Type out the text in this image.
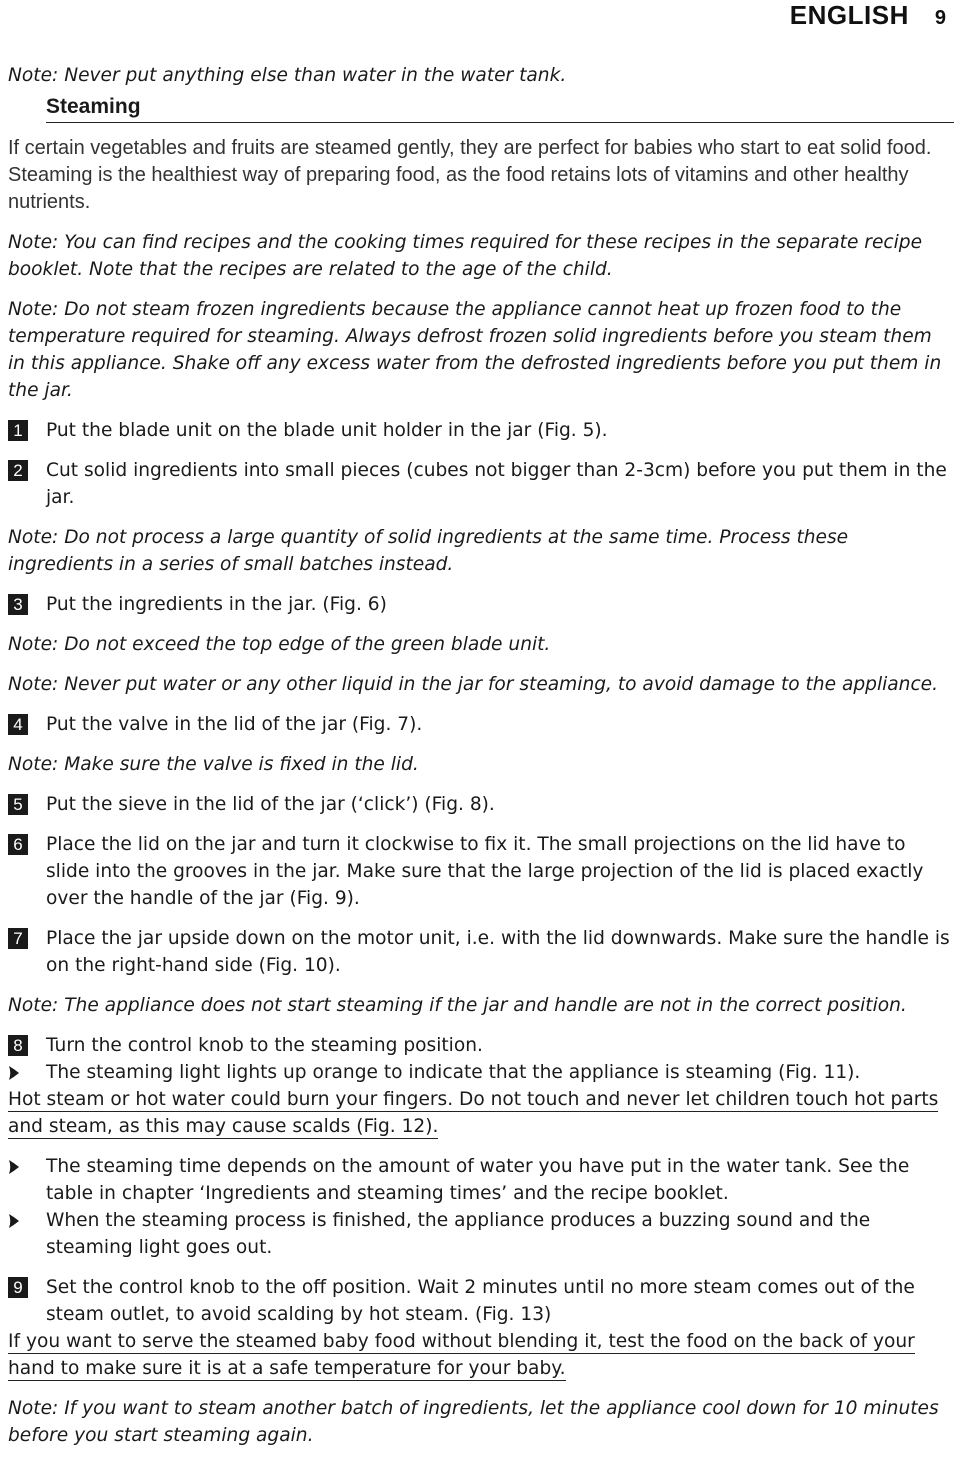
ENGLISH 9

Note: Never put anything else than water in the water tank.

Steaming

If certain vegetables and fruits are steamed gently, they are perfect for babies who start to eat solid food. Steaming is the healthiest way of preparing food, as the food retains lots of vitamins and other healthy nutrients.

Note: You can find recipes and the cooking times required for these recipes in the separate recipe booklet. Note that the recipes are related to the age of the child.

Note: Do not steam frozen ingredients because the appliance cannot heat up frozen food to the temperature required for steaming. Always defrost frozen solid ingredients before you steam them in this appliance. Shake off any excess water from the defrosted ingredients before you put them in the jar.

1 Put the blade unit on the blade unit holder in the jar (Fig. 5).
2 Cut solid ingredients into small pieces (cubes not bigger than 2-3cm) before you put them in the jar.

Note: Do not process a large quantity of solid ingredients at the same time. Process these ingredients in a series of small batches instead.

3 Put the ingredients in the jar. (Fig. 6)

Note: Do not exceed the top edge of the green blade unit.

Note: Never put water or any other liquid in the jar for steaming, to avoid damage to the appliance.

4 Put the valve in the lid of the jar (Fig. 7).

Note: Make sure the valve is fixed in the lid.

5 Put the sieve in the lid of the jar (‘click’) (Fig. 8).
6 Place the lid on the jar and turn it clockwise to fix it. The small projections on the lid have to slide into the grooves in the jar. Make sure that the large projection of the lid is placed exactly over the handle of the jar (Fig. 9).
7 Place the jar upside down on the motor unit, i.e. with the lid downwards. Make sure the handle is on the right-hand side (Fig. 10).

Note: The appliance does not start steaming if the jar and handle are not in the correct position.

8 Turn the control knob to the steaming position.
The steaming light lights up orange to indicate that the appliance is steaming (Fig. 11).

Hot steam or hot water could burn your fingers. Do not touch and never let children touch hot parts and steam, as this may cause scalds (Fig. 12).

The steaming time depends on the amount of water you have put in the water tank. See the table in chapter ‘Ingredients and steaming times’ and the recipe booklet.
When the steaming process is finished, the appliance produces a buzzing sound and the steaming light goes out.
9 Set the control knob to the off position. Wait 2 minutes until no more steam comes out of the steam outlet, to avoid scalding by hot steam. (Fig. 13)

If you want to serve the steamed baby food without blending it, test the food on the back of your hand to make sure it is at a safe temperature for your baby.

Note: If you want to steam another batch of ingredients, let the appliance cool down for 10 minutes before you start steaming again.
